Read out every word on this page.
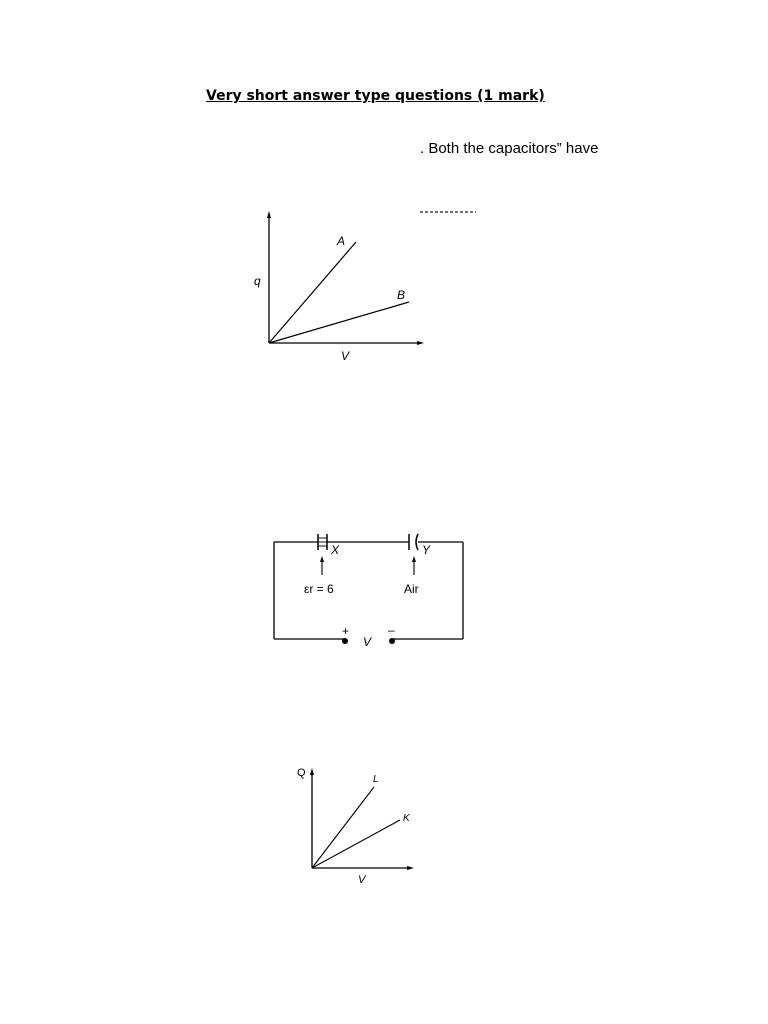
Very short answer type questions (1 mark)
. Both the capacitors” have
q
V
A
B
X	Y
εr = 6	Air
+	–
V
Q
V
L
K
